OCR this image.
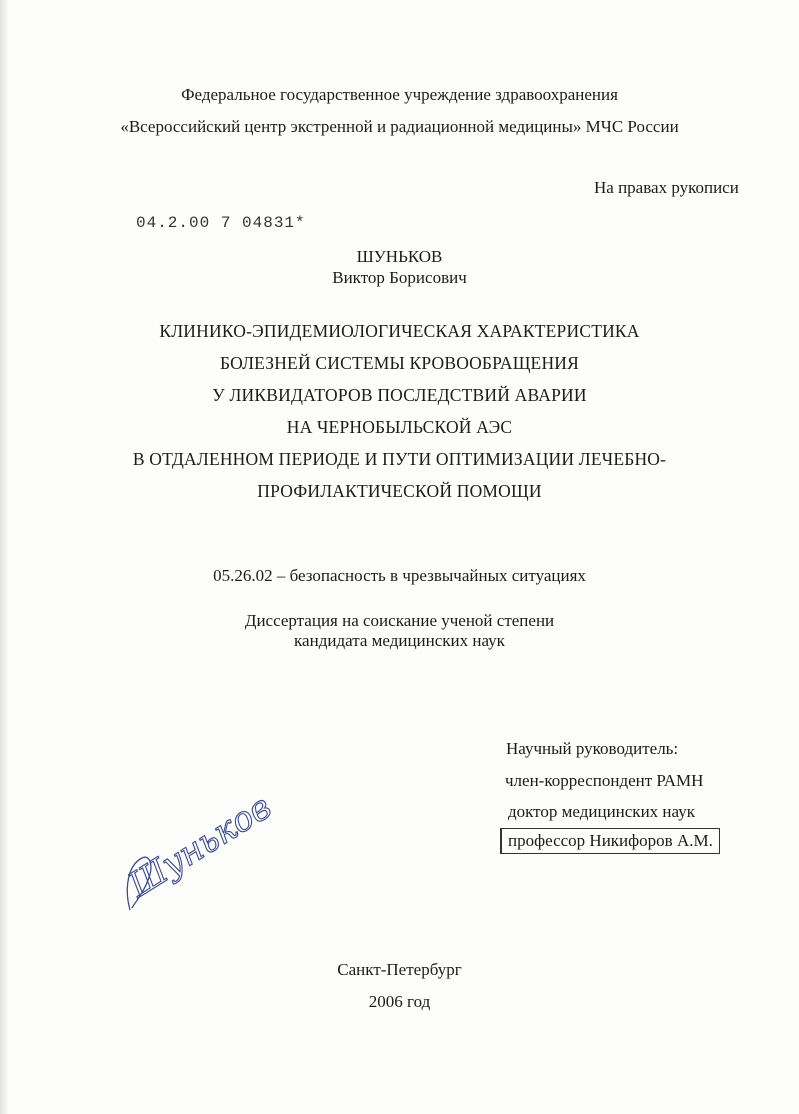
Федеральное государственное учреждение здравоохранения
«Всероссийский центр экстренной и радиационной медицины» МЧС России
На правах рукописи
04.2.00 7 04831*
ШУНЬКОВ
Виктор Борисович
КЛИНИКО-ЭПИДЕМИОЛОГИЧЕСКАЯ ХАРАКТЕРИСТИКА
БОЛЕЗНЕЙ СИСТЕМЫ КРОВООБРАЩЕНИЯ
У ЛИКВИДАТОРОВ ПОСЛЕДСТВИЙ АВАРИИ
НА ЧЕРНОБЫЛЬСКОЙ АЭС
В ОТДАЛЕННОМ ПЕРИОДЕ И ПУТИ ОПТИМИЗАЦИИ ЛЕЧЕБНО-
ПРОФИЛАКТИЧЕСКОЙ ПОМОЩИ
05.26.02 – безопасность в чрезвычайных ситуациях
Диссертация на соискание ученой степени
кандидата медицинских наук
Научный руководитель:
член-корреспондент РАМН
доктор медицинских наук
профессор Никифоров А.М.
Шуньков
Санкт-Петербург
2006 год
